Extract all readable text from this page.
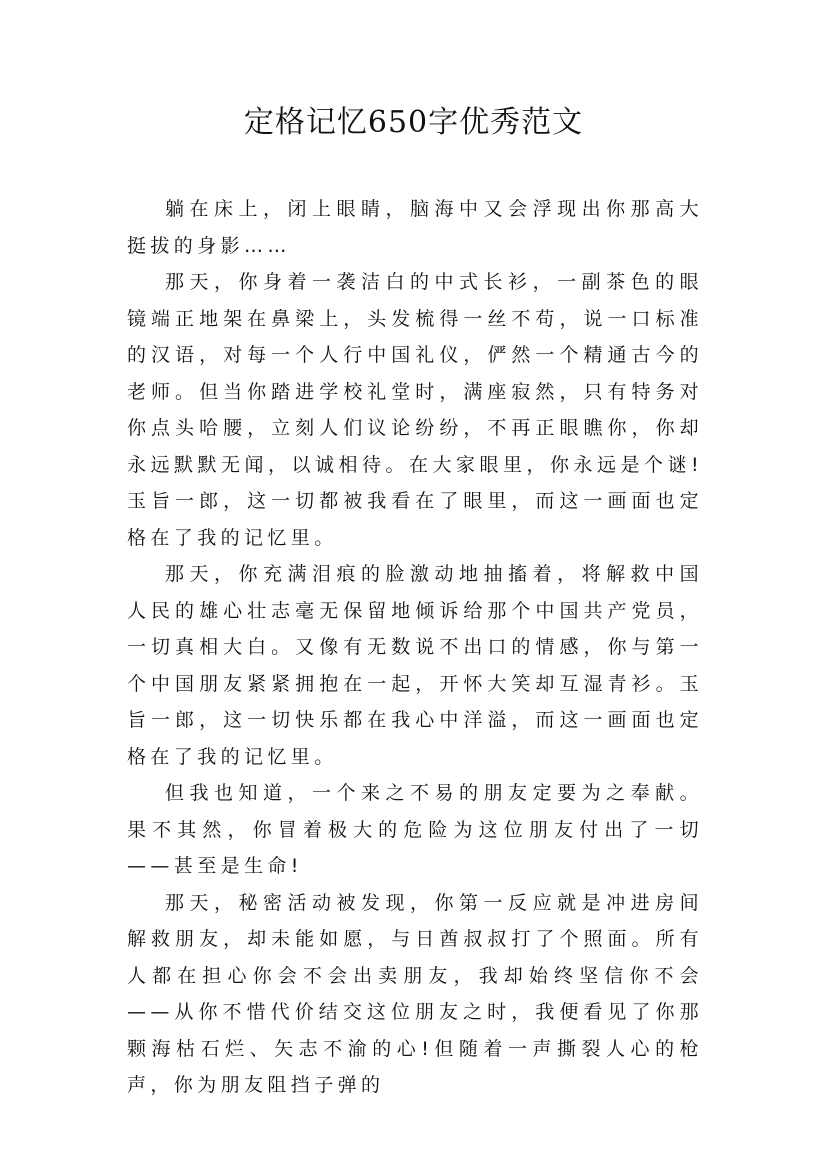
定格记忆650字优秀范文

躺在床上，闭上眼睛，脑海中又会浮现出你那高大挺拔的身影……

那天，你身着一袭洁白的中式长衫，一副茶色的眼镜端正地架在鼻梁上，头发梳得一丝不苟，说一口标准的汉语，对每一个人行中国礼仪，俨然一个精通古今的老师。但当你踏进学校礼堂时，满座寂然，只有特务对你点头哈腰，立刻人们议论纷纷，不再正眼瞧你，你却永远默默无闻，以诚相待。在大家眼里，你永远是个谜!玉旨一郎，这一切都被我看在了眼里，而这一画面也定格在了我的记忆里。

那天，你充满泪痕的脸激动地抽搐着，将解救中国人民的雄心壮志毫无保留地倾诉给那个中国共产党员，一切真相大白。又像有无数说不出口的情感，你与第一个中国朋友紧紧拥抱在一起，开怀大笑却互湿青衫。玉旨一郎，这一切快乐都在我心中洋溢，而这一画面也定格在了我的记忆里。

但我也知道，一个来之不易的朋友定要为之奉献。果不其然，你冒着极大的危险为这位朋友付出了一切——甚至是生命!

那天，秘密活动被发现，你第一反应就是冲进房间解救朋友，却未能如愿，与日酋叔叔打了个照面。所有人都在担心你会不会出卖朋友，我却始终坚信你不会——从你不惜代价结交这位朋友之时，我便看见了你那颗海枯石烂、矢志不渝的心!但随着一声撕裂人心的枪声，你为朋友阻挡子弹的
